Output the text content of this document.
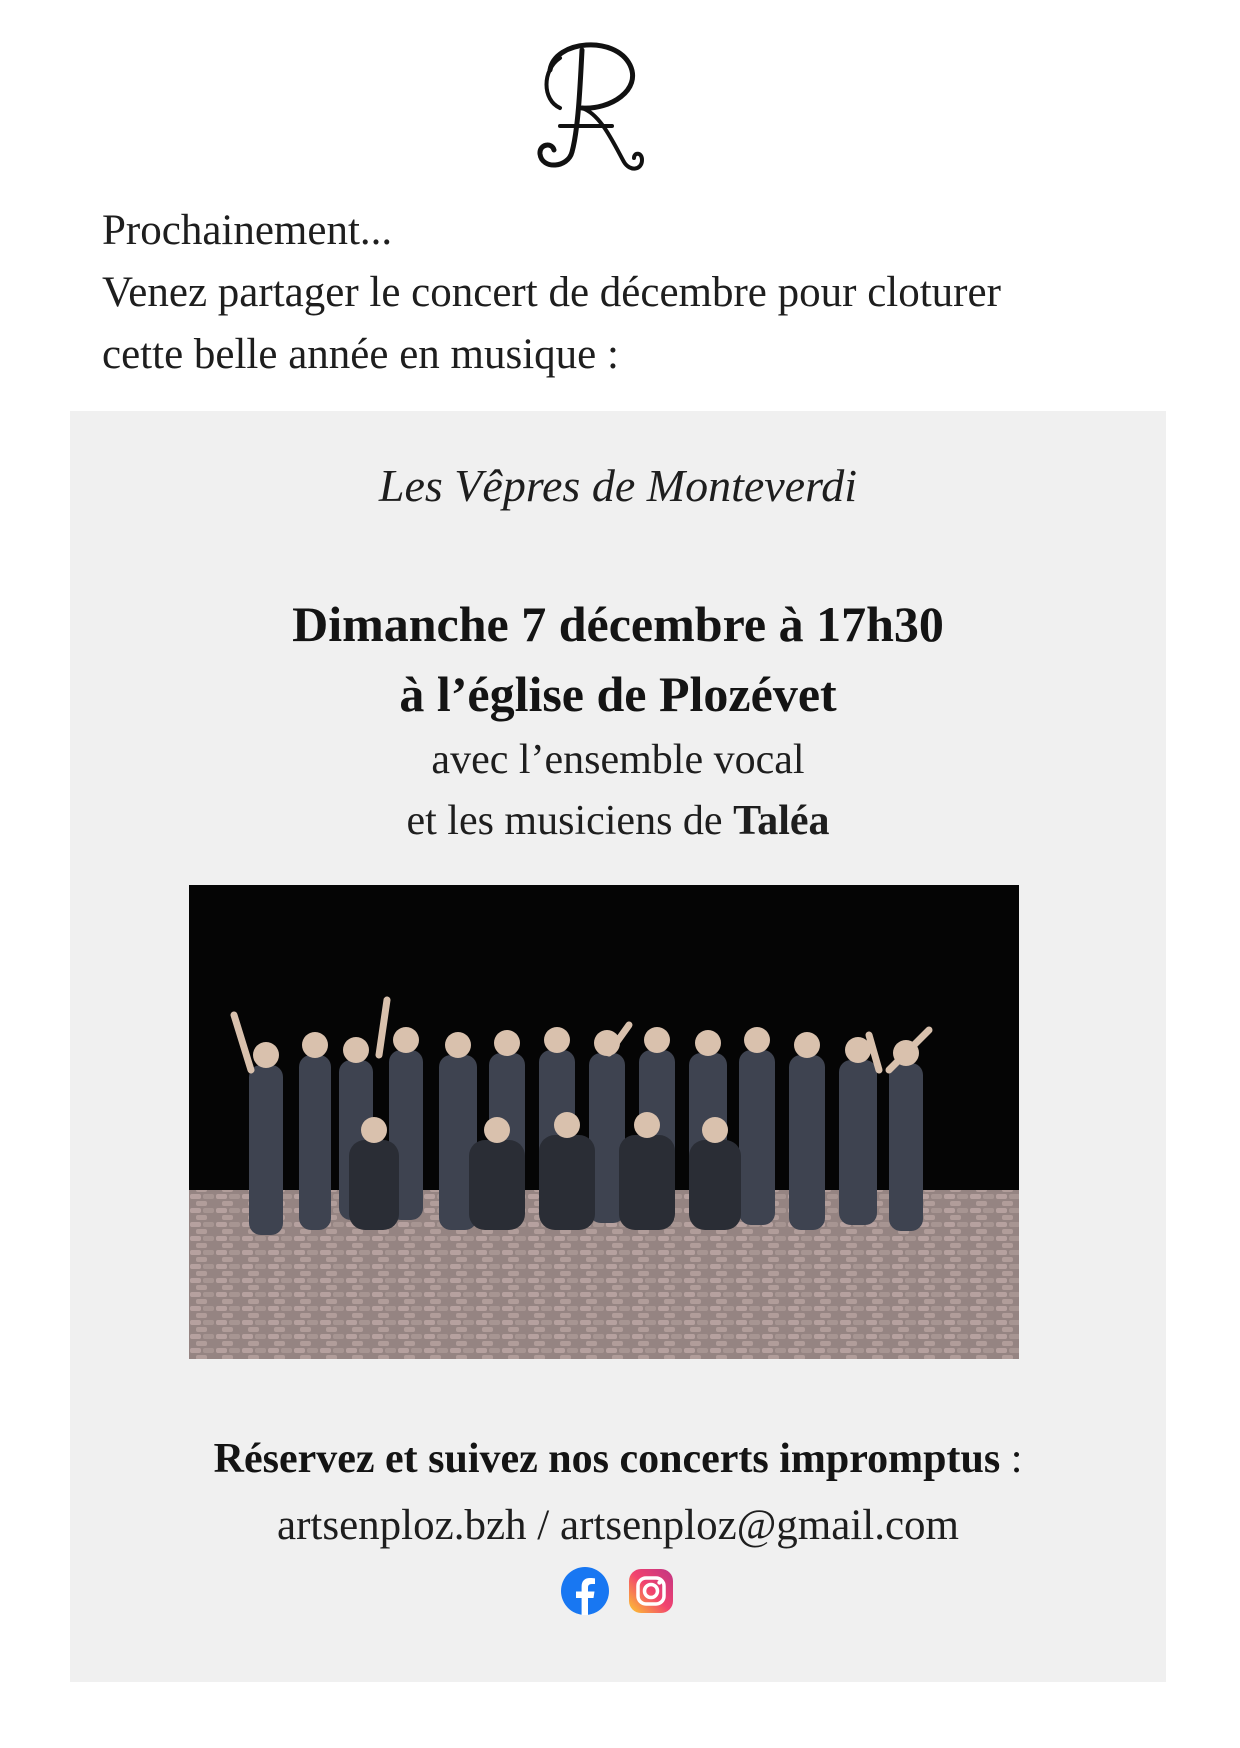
Prochainement...
Venez partager le concert de décembre pour cloturer
cette belle année en musique :
Les Vêpres de Monteverdi
Dimanche 7 décembre à 17h30
à l’église de Plozévet
avec l’ensemble vocal
et les musiciens de Taléa
Réservez et suivez nos concerts impromptus :
artsenploz.bzh / artsenploz@gmail.com
